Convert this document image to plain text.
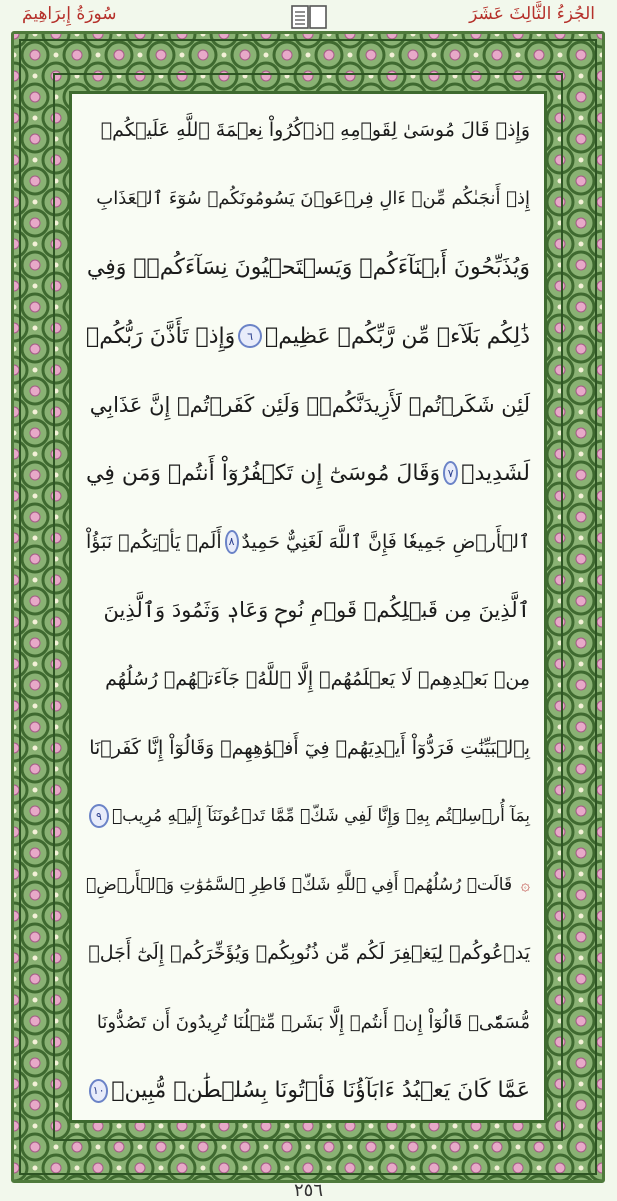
سُورَةُ إِبرَاهِيمَ	الجُزءُ الثَّالِثَ عَشَرَ
وَإِذۡ قَالَ مُوسَىٰ لِقَوۡمِهِ ٱذۡكُرُواْ نِعۡمَةَ ٱللَّهِ عَلَيۡكُمۡ
إِذۡ أَنجَىٰكُم مِّنۡ ءَالِ فِرۡعَوۡنَ يَسُومُونَكُمۡ سُوٓءَ ٱلۡعَذَابِ
وَيُذَبِّحُونَ أَبۡنَآءَكُمۡ وَيَسۡتَحۡيُونَ نِسَآءَكُمۡۚ وَفِي
ذَٰلِكُم بَلَآءٞ مِّن رَّبِّكُمۡ عَظِيمٞ
٦
وَإِذۡ تَأَذَّنَ رَبُّكُمۡ
لَئِن شَكَرۡتُمۡ لَأَزِيدَنَّكُمۡۖ وَلَئِن كَفَرۡتُمۡ إِنَّ عَذَابِي
لَشَدِيدٞ
٧
وَقَالَ مُوسَىٰٓ إِن تَكۡفُرُوٓاْ أَنتُمۡ وَمَن فِي
ٱلۡأَرۡضِ جَمِيعٗا فَإِنَّ ٱللَّهَ لَغَنِيٌّ حَمِيدٌ
٨
أَلَمۡ يَأۡتِكُمۡ نَبَؤُاْ
ٱلَّذِينَ مِن قَبۡلِكُمۡ قَوۡمِ نُوحٖ وَعَادٖ وَثَمُودَ وَٱلَّذِينَ
مِنۢ بَعۡدِهِمۡ لَا يَعۡلَمُهُمۡ إِلَّا ٱللَّهُۚ جَآءَتۡهُمۡ رُسُلُهُم
بِٱلۡبَيِّنَٰتِ فَرَدُّوٓاْ أَيۡدِيَهُمۡ فِيٓ أَفۡوَٰهِهِمۡ وَقَالُوٓاْ إِنَّا كَفَرۡنَا
بِمَآ أُرۡسِلۡتُم بِهِۦ وَإِنَّا لَفِي شَكّٖ مِّمَّا تَدۡعُونَنَآ إِلَيۡهِ مُرِيبٖ
٩
۞
قَالَتۡ رُسُلُهُمۡ أَفِي ٱللَّهِ شَكّٞ فَاطِرِ ٱلسَّمَٰوَٰتِ وَٱلۡأَرۡضِۖ
يَدۡعُوكُمۡ لِيَغۡفِرَ لَكُم مِّن ذُنُوبِكُمۡ وَيُؤَخِّرَكُمۡ إِلَىٰٓ أَجَلٖ
مُّسَمّٗىۚ قَالُوٓاْ إِنۡ أَنتُمۡ إِلَّا بَشَرٞ مِّثۡلُنَا تُرِيدُونَ أَن تَصُدُّونَا
عَمَّا كَانَ يَعۡبُدُ ءَابَآؤُنَا فَأۡتُونَا بِسُلۡطَٰنٖ مُّبِينٖ
١٠
٢٥٦
